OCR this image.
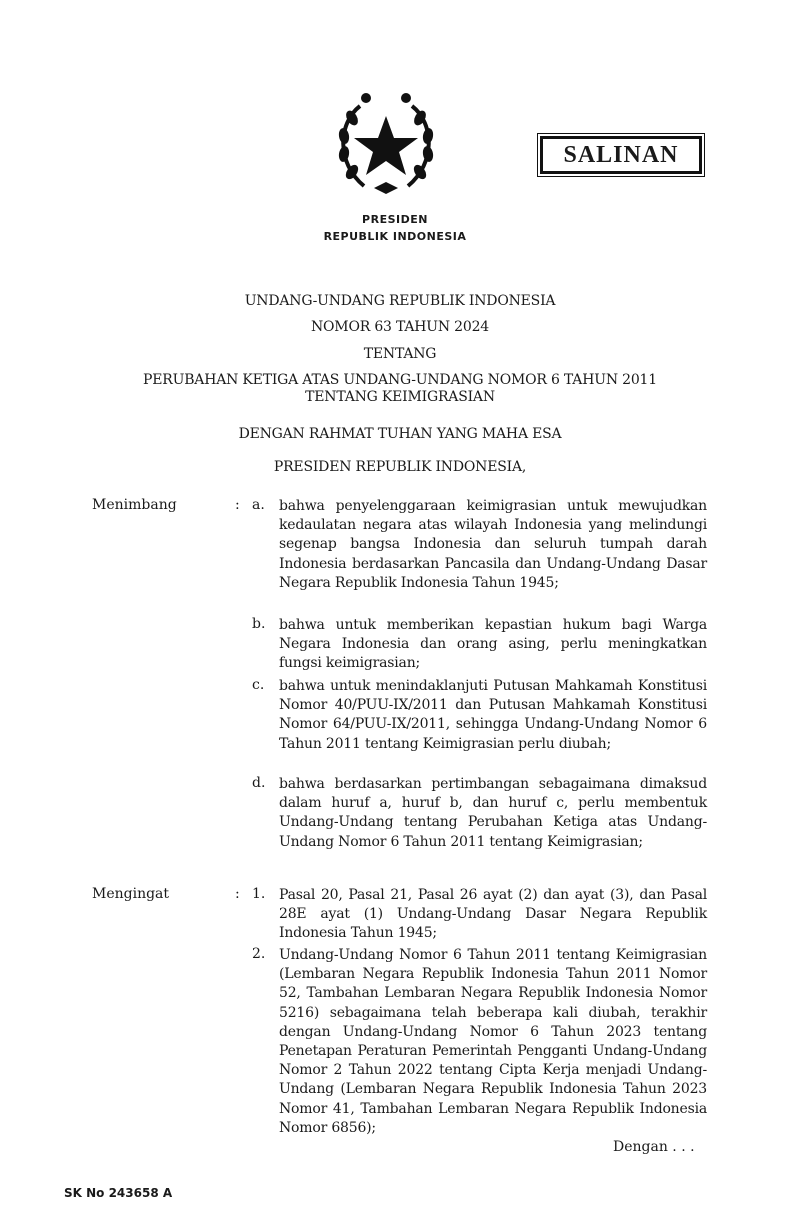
SALINAN
PRESIDEN
REPUBLIK INDONESIA
UNDANG-UNDANG REPUBLIK INDONESIA
NOMOR 63 TAHUN 2024
TENTANG
PERUBAHAN KETIGA ATAS UNDANG-UNDANG NOMOR 6 TAHUN 2011
TENTANG KEIMIGRASIAN
DENGAN RAHMAT TUHAN YANG MAHA ESA
PRESIDEN REPUBLIK INDONESIA,
Menimbang	: a. bahwa penyelenggaraan keimigrasian untuk mewujudkan kedaulatan negara atas wilayah Indonesia yang melindungi segenap bangsa Indonesia dan seluruh tumpah darah Indonesia berdasarkan Pancasila dan Undang-Undang Dasar Negara Republik Indonesia Tahun 1945;
b. bahwa untuk memberikan kepastian hukum bagi Warga Negara Indonesia dan orang asing, perlu meningkatkan fungsi keimigrasian;
c. bahwa untuk menindaklanjuti Putusan Mahkamah Konstitusi Nomor 40/PUU-IX/2011 dan Putusan Mahkamah Konstitusi Nomor 64/PUU-IX/2011, sehingga Undang-Undang Nomor 6 Tahun 2011 tentang Keimigrasian perlu diubah;
d. bahwa berdasarkan pertimbangan sebagaimana dimaksud dalam huruf a, huruf b, dan huruf c, perlu membentuk Undang-Undang tentang Perubahan Ketiga atas Undang-Undang Nomor 6 Tahun 2011 tentang Keimigrasian;
Mengingat	: 1. Pasal 20, Pasal 21, Pasal 26 ayat (2) dan ayat (3), dan Pasal 28E ayat (1) Undang-Undang Dasar Negara Republik Indonesia Tahun 1945;
2. Undang-Undang Nomor 6 Tahun 2011 tentang Keimigrasian (Lembaran Negara Republik Indonesia Tahun 2011 Nomor 52, Tambahan Lembaran Negara Republik Indonesia Nomor 5216) sebagaimana telah beberapa kali diubah, terakhir dengan Undang-Undang Nomor 6 Tahun 2023 tentang Penetapan Peraturan Pemerintah Pengganti Undang-Undang Nomor 2 Tahun 2022 tentang Cipta Kerja menjadi Undang-Undang (Lembaran Negara Republik Indonesia Tahun 2023 Nomor 41, Tambahan Lembaran Negara Republik Indonesia Nomor 6856);
Dengan . . .
SK No 243658 A
